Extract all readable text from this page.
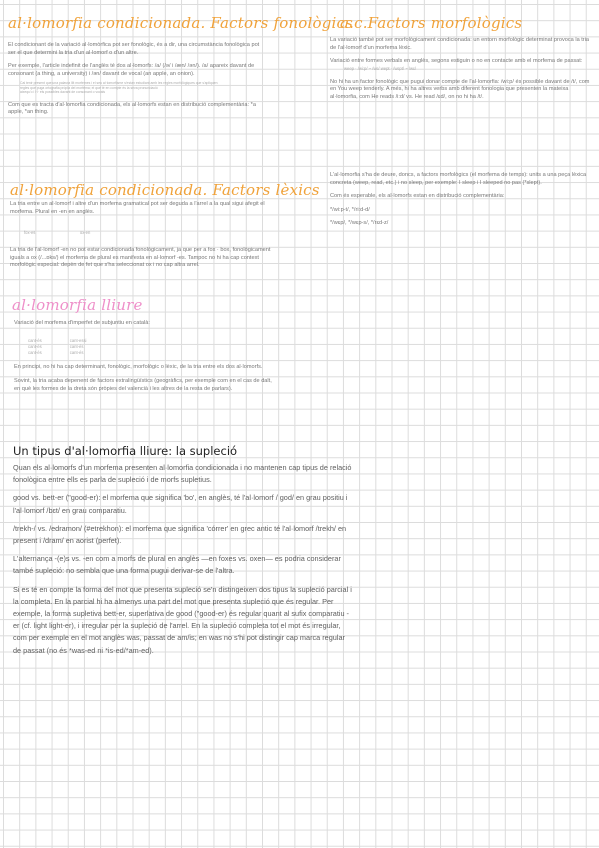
al·lomorfia condicionada. Factors fonològics

El condicionant de la variació al·lomòrfica pot ser fonològic, és a dir, una circumstància fonològica pot ser el que determini la tria d'un al·lomorf o d'un altre.

Per exemple, l'article indefinit de l'anglès té dos al·lomorfs: /a/ (/ə/ i /æn/ /ən/). /a/ apareix davant de consonant (a thing, a university) i /ən/ davant de vocal (an apple, an onion).

Cal tenir present que una palavra llit morfemes i el seu al·lomorfisme s'estan estudiant amb les regles morfològiques que s'apliquen

regles que puga ortografia pròpia del morfema; el que té en compte és la seva pronunciació

aixequ'o i l·l· els possibles davant de consonant o vocals

Com que es tracta d'al·lomorfia condicionada, els al·lomorfs estan en distribució complementària: *a apple, *an thing.

a.c.Factors morfològics

La variació també pot ser morfològicament condicionada: un entorn morfològic determinat provoca la tria de l'al·lomorf d'un morfema lèxic.

Variació entre formes verbals en anglès, segons estiguin o no en contacte amb el morfema de passat:

weep · /wi:p/ ~ /wɛ/ wept · /wɛpt/ ~ /wɛ/

No hi ha un factor fonològic que pugui donar compte de l'al·lomorfia: /wi:p/ és possible davant de /t/, com en You weep tenderly. A més, hi ha altres verbs amb diferent fonologia que presenten la mateixa al·lomorfia, com He reads /i:d/ vs. He read /ɛd/, on no hi ha /t/.

L'al·lomorfia s'ha de deure, doncs, a factors morfològics (el morfema de temps): units a una peça lèxica concreta (weep, read, etc.) i no sleep, per exemple: I sleep i I sleeped no pas (*slept).

Com és esperable, els al·lomorfs estan en distribució complementària:

*/wi:p-t/, */ri:d-d/

*/wɛp/, */wɛp-s/, */rɛd-z/

al·lomorfia condicionada. Factors lèxics

La tria entre un al·lomorf i altre d'un morfema gramatical pot ser deguda a l'arrel a la qual sigui afegit el morfema. Plural en -en en anglès.

fox-es	ox-en

La tria de l'al·lomorf -en no pot estar condicionada fonològicament, ja que per a fox · box, fonològicament iguals a ox (/...ɒks/) el morfema de plural es manifesta en al·lomorf -es. Tampoc no hi ha cap context morfològic especial: depèn de fet que s'ha seleccionat ox i no cap altra arrel.

al·lomorfia lliure

Variació del morfema d'imperfet de subjuntiu en català:

cant-és
cant-és
cant-és
cant-essi
cant-és
cant-és

En principi, no hi ha cap determinant, fonològic, morfològic o lèxic, de la tria entre els dos al·lomorfs.

Sovint, la tria acaba depenent de factors extralingüístics (geogràfics, per exemple com en el cas de dalt, en què les formes de la dreta són pròpies del valencià i les altres de la resta de parlars).

Un tipus d'al·lomorfia lliure: la supleció

Quan els al·lomorfs d'un morfema presenten al·lomorfia condicionada i no mantenen cap tipus de relació fonològica entre ells es parla de supleció i de morfs supletius.

good vs. bett-er ("good-er): el morfema que significa 'bo', en anglès, té l'al·lomorf / god/ en grau positiu i l'al·lomorf /bɛt/ en grau comparatiu.

/trekh-/ vs. /edramon/ (#etrekhon): el morfema que significa 'córrer' en grec antic té l'al·lomorf /trekh/ en present i /dram/ en aorist (perfet).

L'alternança -(e)s vs. -en com a morfs de plural en anglès —en foxes vs. oxen— es podria considerar també supleció: no sembla que una forma pugui derivar-se de l'altra.

Si es té en compte la forma del mot que presenta supleció se'n distingeixen dos tipus la supleció parcial i la completa. En la parcial hi ha almenys una part del mot que presenta supleció que és regular. Per exemple, la forma supletiva bett-er, superlativa de good ("good-er) és regular quant al sufix comparatiu -er (cf. light light-er), i irregular per la supleció de l'arrel. En la supleció completa tot el mot és irregular, com per exemple en el mot anglès was, passat de am/is; en was no s'hi pot distingir cap marca regular de passat (no és *was-ed ni *is-ed/*am-ed).
